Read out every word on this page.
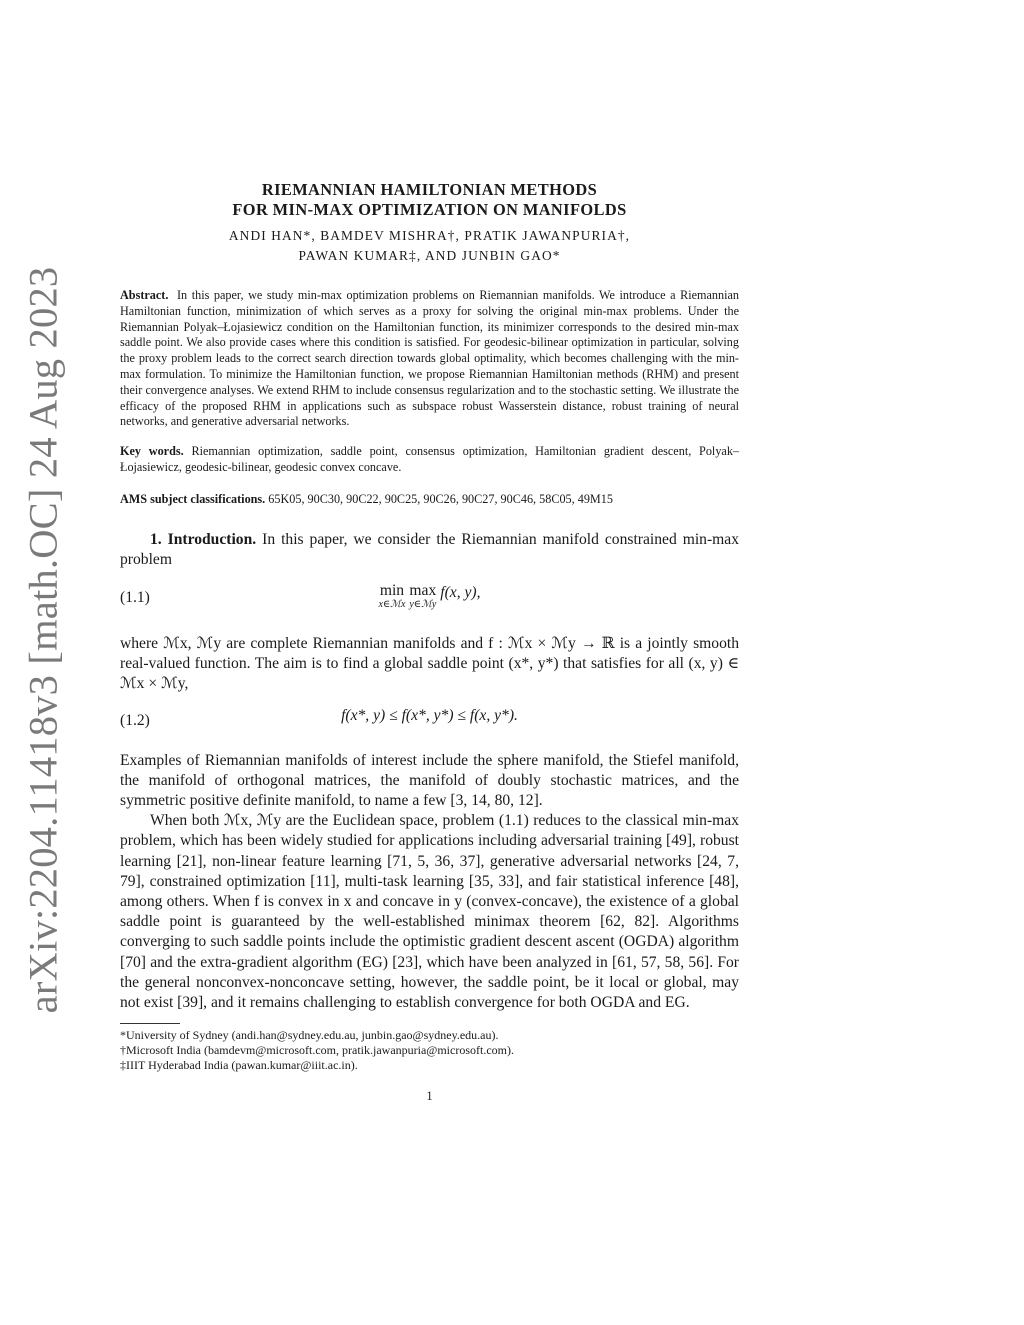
arXiv:2204.11418v3 [math.OC] 24 Aug 2023

RIEMANNIAN HAMILTONIAN METHODS

FOR MIN-MAX OPTIMIZATION ON MANIFOLDS

ANDI HAN*, BAMDEV MISHRA†, PRATIK JAWANPURIA†,

PAWAN KUMAR‡, AND JUNBIN GAO*

Abstract. In this paper, we study min-max optimization problems on Riemannian manifolds. We introduce a Riemannian Hamiltonian function, minimization of which serves as a proxy for solving the original min-max problems. Under the Riemannian Polyak–Łojasiewicz condition on the Hamiltonian function, its minimizer corresponds to the desired min-max saddle point. We also provide cases where this condition is satisfied. For geodesic-bilinear optimization in particular, solving the proxy problem leads to the correct search direction towards global optimality, which becomes challenging with the min-max formulation. To minimize the Hamiltonian function, we propose Riemannian Hamiltonian methods (RHM) and present their convergence analyses. We extend RHM to include consensus regularization and to the stochastic setting. We illustrate the efficacy of the proposed RHM in applications such as subspace robust Wasserstein distance, robust training of neural networks, and generative adversarial networks.

Key words. Riemannian optimization, saddle point, consensus optimization, Hamiltonian gradient descent, Polyak–Łojasiewicz, geodesic-bilinear, geodesic convex concave.

AMS subject classifications. 65K05, 90C30, 90C22, 90C25, 90C26, 90C27, 90C46, 58C05, 49M15

1. Introduction. In this paper, we consider the Riemannian manifold constrained min-max problem

(1.1)	min
x∈ℳx
max
y∈ℳy
f(x, y),

where ℳx, ℳy are complete Riemannian manifolds and f : ℳx × ℳy → ℝ is a jointly smooth real-valued function. The aim is to find a global saddle point (x*, y*) that satisfies for all (x, y) ∈ ℳx × ℳy,

(1.2)	f(x*, y) ≤ f(x*, y*) ≤ f(x, y*).

Examples of Riemannian manifolds of interest include the sphere manifold, the Stiefel manifold, the manifold of orthogonal matrices, the manifold of doubly stochastic matrices, and the symmetric positive definite manifold, to name a few [3, 14, 80, 12].

When both ℳx, ℳy are the Euclidean space, problem (1.1) reduces to the classical min-max problem, which has been widely studied for applications including adversarial training [49], robust learning [21], non-linear feature learning [71, 5, 36, 37], generative adversarial networks [24, 7, 79], constrained optimization [11], multi-task learning [35, 33], and fair statistical inference [48], among others. When f is convex in x and concave in y (convex-concave), the existence of a global saddle point is guaranteed by the well-established minimax theorem [62, 82]. Algorithms converging to such saddle points include the optimistic gradient descent ascent (OGDA) algorithm [70] and the extra-gradient algorithm (EG) [23], which have been analyzed in [61, 57, 58, 56]. For the general nonconvex-nonconcave setting, however, the saddle point, be it local or global, may not exist [39], and it remains challenging to establish convergence for both OGDA and EG.

*University of Sydney (andi.han@sydney.edu.au, junbin.gao@sydney.edu.au).

†Microsoft India (bamdevm@microsoft.com, pratik.jawanpuria@microsoft.com).

‡IIIT Hyderabad India (pawan.kumar@iiit.ac.in).

1
